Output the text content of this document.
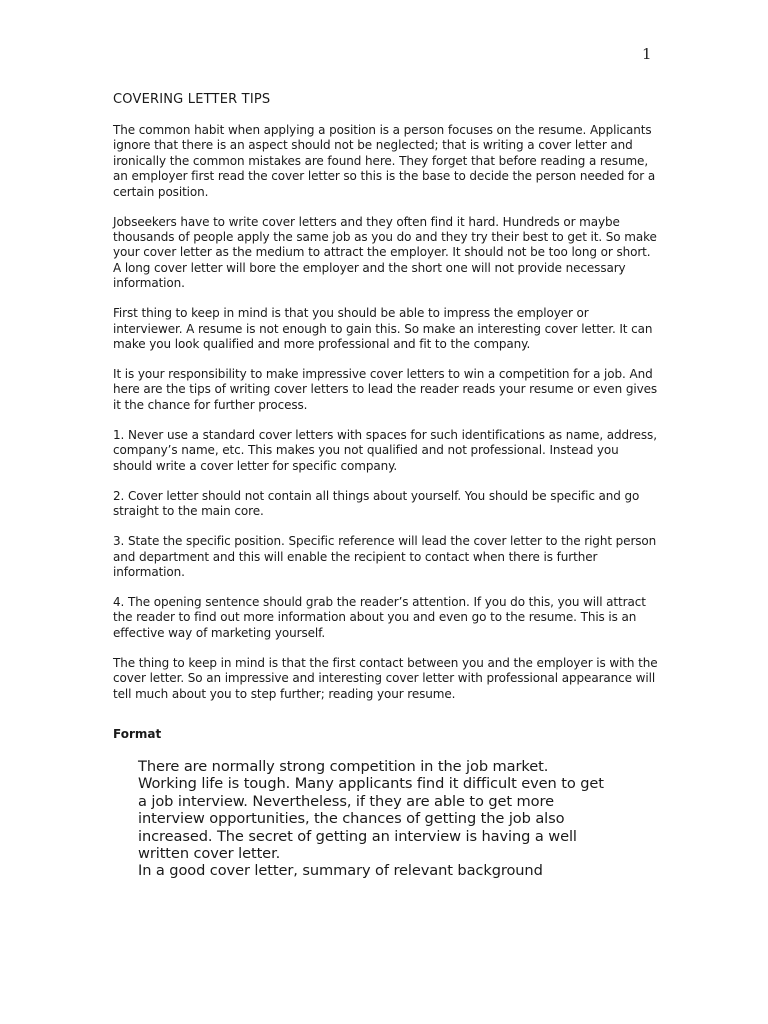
1
COVERING LETTER TIPS

The common habit when applying a position is a person focuses on the resume. Applicants ignore that there is an aspect should not be neglected; that is writing a cover letter and ironically the common mistakes are found here. They forget that before reading a resume, an employer first read the cover letter so this is the base to decide the person needed for a certain position.

Jobseekers have to write cover letters and they often find it hard. Hundreds or maybe thousands of people apply the same job as you do and they try their best to get it. So make your cover letter as the medium to attract the employer. It should not be too long or short. A long cover letter will bore the employer and the short one will not provide necessary information.

First thing to keep in mind is that you should be able to impress the employer or interviewer. A resume is not enough to gain this. So make an interesting cover letter. It can make you look qualified and more professional and fit to the company.

It is your responsibility to make impressive cover letters to win a competition for a job. And here are the tips of writing cover letters to lead the reader reads your resume or even gives it the chance for further process.

1. Never use a standard cover letters with spaces for such identifications as name, address, company’s name, etc. This makes you not qualified and not professional. Instead you should write a cover letter for specific company.

2. Cover letter should not contain all things about yourself. You should be specific and go straight to the main core.

3. State the specific position. Specific reference will lead the cover letter to the right person and department and this will enable the recipient to contact when there is further information.

4. The opening sentence should grab the reader’s attention. If you do this, you will attract the reader to find out more information about you and even go to the resume. This is an effective way of marketing yourself.

The thing to keep in mind is that the first contact between you and the employer is with the cover letter. So an impressive and interesting cover letter with professional appearance will tell much about you to step further; reading your resume.

Format
There are normally strong competition in the job market.
Working life is tough. Many applicants find it difficult even to get
a job interview. Nevertheless, if they are able to get more
interview opportunities, the chances of getting the job also
increased. The secret of getting an interview is having a well
written cover letter.
In a good cover letter, summary of relevant background
